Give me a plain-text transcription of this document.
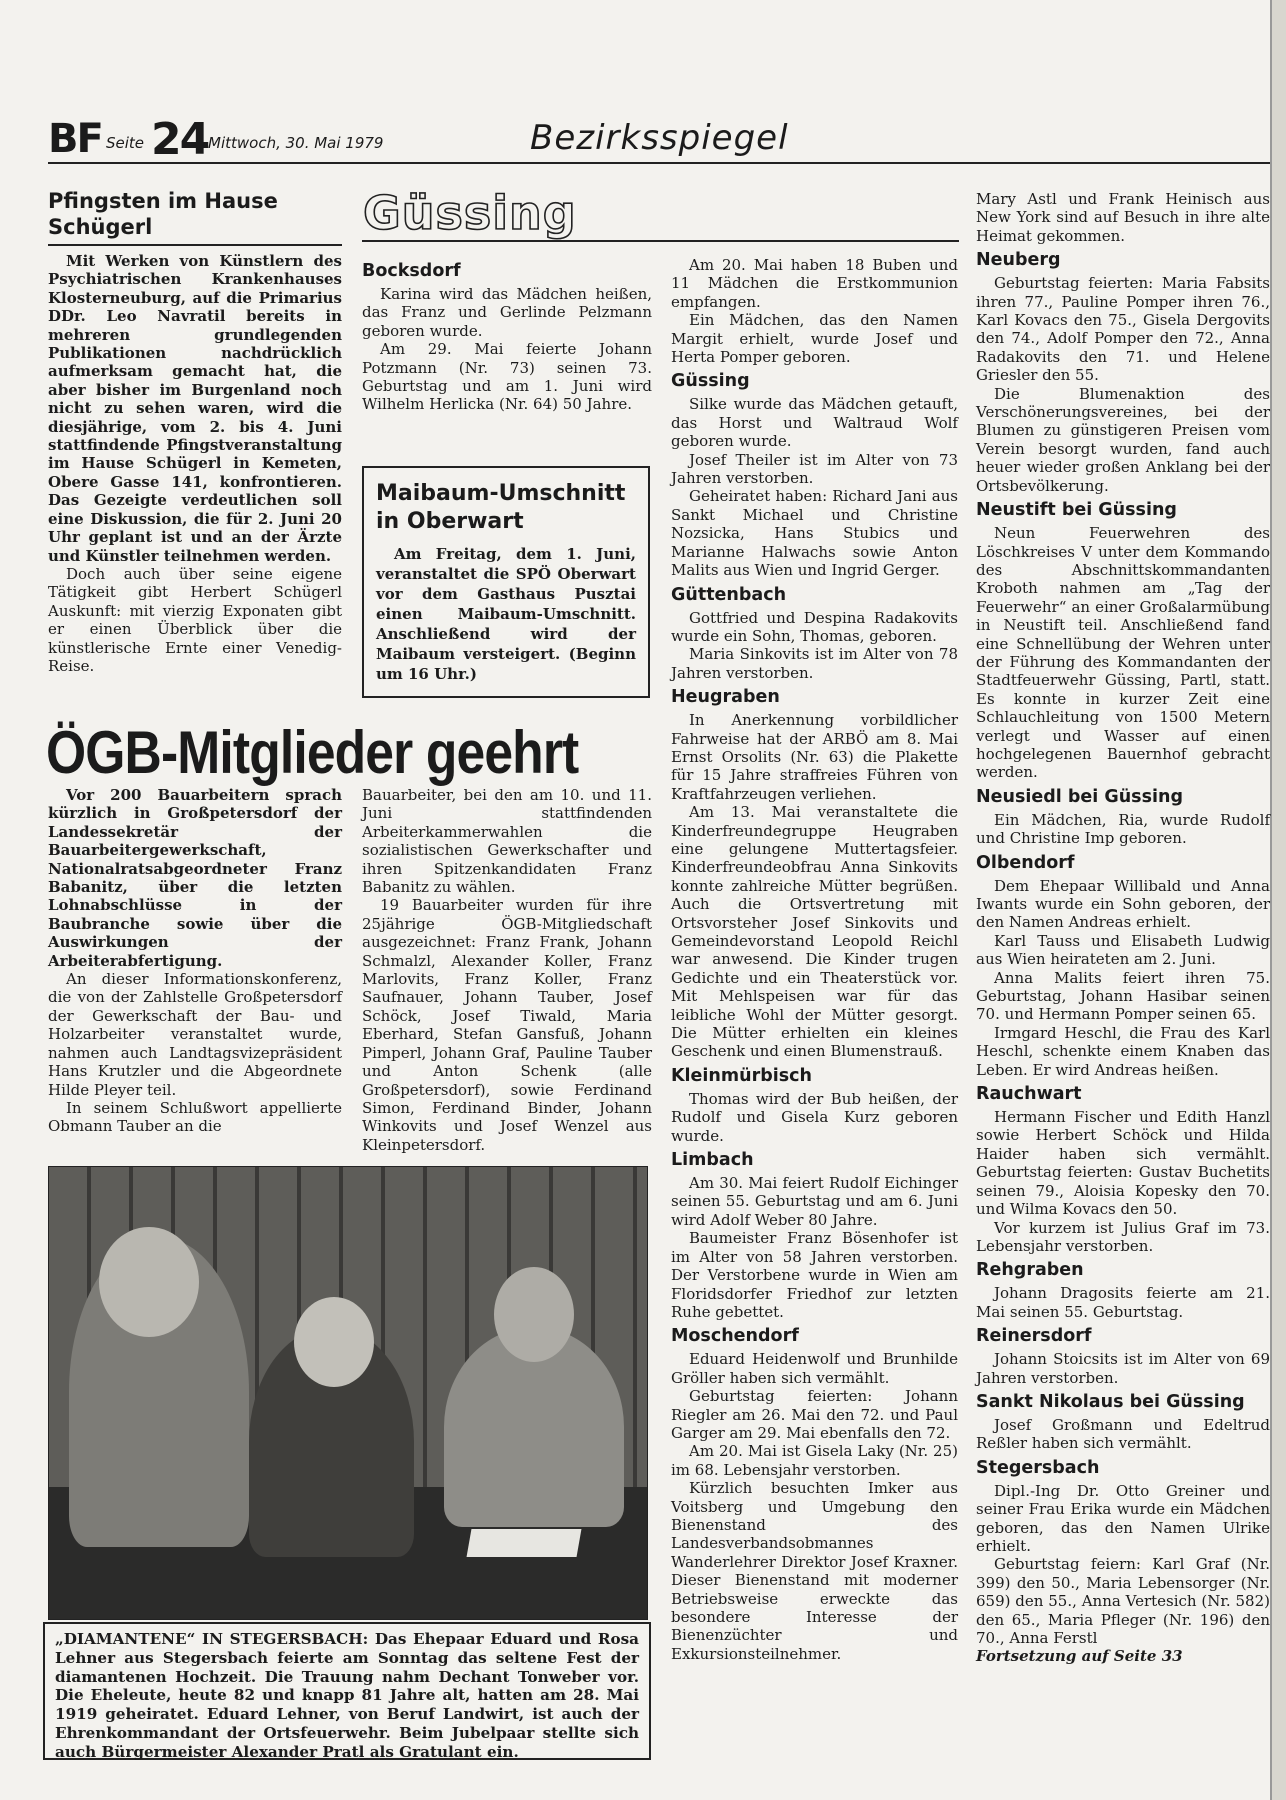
BF Seite 24 Mittwoch, 30. Mai 1979	Bezirksspiegel
Pfingsten im Hause Schügerl

Mit Werken von Künstlern des Psychiatrischen Krankenhauses Klosterneuburg, auf die Primarius DDr. Leo Navratil bereits in mehreren grundlegenden Publikationen nachdrücklich aufmerksam gemacht hat, die aber bisher im Burgenland noch nicht zu sehen waren, wird die diesjährige, vom 2. bis 4. Juni stattfindende Pfingstveranstaltung im Hause Schügerl in Kemeten, Obere Gasse 141, konfrontieren. Das Gezeigte verdeutlichen soll eine Diskussion, die für 2. Juni 20 Uhr geplant ist und an der Ärzte und Künstler teilnehmen werden.

Doch auch über seine eigene Tätigkeit gibt Herbert Schügerl Auskunft: mit vierzig Exponaten gibt er einen Überblick über die künstlerische Ernte einer Venedig-Reise.

Güssing
Bocksdorf

Karina wird das Mädchen heißen, das Franz und Gerlinde Pelzmann geboren wurde.

Am 29. Mai feierte Johann Potzmann (Nr. 73) seinen 73. Geburtstag und am 1. Juni wird Wilhelm Herlicka (Nr. 64) 50 Jahre.

Maibaum-Umschnitt in Oberwart

Am Freitag, dem 1. Juni, veranstaltet die SPÖ Oberwart vor dem Gasthaus Pusztai einen Maibaum-Umschnitt. Anschließend wird der Maibaum versteigert. (Beginn um 16 Uhr.)

ÖGB-Mitglieder geehrt

Vor 200 Bauarbeitern sprach kürzlich in Großpetersdorf der Landessekretär der Bauarbeitergewerkschaft, Nationalratsabgeordneter Franz Babanitz, über die letzten Lohnabschlüsse in der Baubranche sowie über die Auswirkungen der Arbeiterabfertigung.

An dieser Informationskonferenz, die von der Zahlstelle Großpetersdorf der Gewerkschaft der Bau- und Holzarbeiter veranstaltet wurde, nahmen auch Landtagsvizepräsident Hans Krutzler und die Abgeordnete Hilde Pleyer teil.

In seinem Schlußwort appellierte Obmann Tauber an die

Bauarbeiter, bei den am 10. und 11. Juni stattfindenden Arbeiterkammerwahlen die sozialistischen Gewerkschafter und ihren Spitzenkandidaten Franz Babanitz zu wählen.

19 Bauarbeiter wurden für ihre 25jährige ÖGB-Mitgliedschaft ausgezeichnet: Franz Frank, Johann Schmalzl, Alexander Koller, Franz Marlovits, Franz Koller, Franz Saufnauer, Johann Tauber, Josef Schöck, Josef Tiwald, Maria Eberhard, Stefan Gansfuß, Johann Pimperl, Johann Graf, Pauline Tauber und Anton Schenk (alle Großpetersdorf), sowie Ferdinand Simon, Ferdinand Binder, Johann Winkovits und Josef Wenzel aus Kleinpetersdorf.

„DIAMANTENE“ IN STEGERSBACH: Das Ehepaar Eduard und Rosa Lehner aus Stegersbach feierte am Sonntag das seltene Fest der diamantenen Hochzeit. Die Trauung nahm Dechant Tonweber vor. Die Eheleute, heute 82 und knapp 81 Jahre alt, hatten am 28. Mai 1919 geheiratet. Eduard Lehner, von Beruf Landwirt, ist auch der Ehrenkommandant der Ortsfeuerwehr. Beim Jubelpaar stellte sich auch Bürgermeister Alexander Pratl als Gratulant ein.

Am 20. Mai haben 18 Buben und 11 Mädchen die Erstkommunion empfangen.

Ein Mädchen, das den Namen Margit erhielt, wurde Josef und Herta Pomper geboren.

Güssing

Silke wurde das Mädchen getauft, das Horst und Waltraud Wolf geboren wurde.

Josef Theiler ist im Alter von 73 Jahren verstorben.

Geheiratet haben: Richard Jani aus Sankt Michael und Christine Nozsicka, Hans Stubics und Marianne Halwachs sowie Anton Malits aus Wien und Ingrid Gerger.

Güttenbach

Gottfried und Despina Radakovits wurde ein Sohn, Thomas, geboren.

Maria Sinkovits ist im Alter von 78 Jahren verstorben.

Heugraben

In Anerkennung vorbildlicher Fahrweise hat der ARBÖ am 8. Mai Ernst Orsolits (Nr. 63) die Plakette für 15 Jahre straffreies Führen von Kraftfahrzeugen verliehen.

Am 13. Mai veranstaltete die Kinderfreundegruppe Heugraben eine gelungene Muttertagsfeier. Kinderfreundeobfrau Anna Sinkovits konnte zahlreiche Mütter begrüßen. Auch die Ortsvertretung mit Ortsvorsteher Josef Sinkovits und Gemeindevorstand Leopold Reichl war anwesend. Die Kinder trugen Gedichte und ein Theaterstück vor. Mit Mehlspeisen war für das leibliche Wohl der Mütter gesorgt. Die Mütter erhielten ein kleines Geschenk und einen Blumenstrauß.

Kleinmürbisch

Thomas wird der Bub heißen, der Rudolf und Gisela Kurz geboren wurde.

Limbach

Am 30. Mai feiert Rudolf Eichinger seinen 55. Geburtstag und am 6. Juni wird Adolf Weber 80 Jahre.

Baumeister Franz Bösenhofer ist im Alter von 58 Jahren verstorben. Der Verstorbene wurde in Wien am Floridsdorfer Friedhof zur letzten Ruhe gebettet.

Moschendorf

Eduard Heidenwolf und Brunhilde Gröller haben sich vermählt.

Geburtstag feierten: Johann Riegler am 26. Mai den 72. und Paul Garger am 29. Mai ebenfalls den 72.

Am 20. Mai ist Gisela Laky (Nr. 25) im 68. Lebensjahr verstorben.

Kürzlich besuchten Imker aus Voitsberg und Umgebung den Bienenstand des Landesverbandsobmannes Wanderlehrer Direktor Josef Kraxner. Dieser Bienenstand mit moderner Betriebsweise erweckte das besondere Interesse der Bienenzüchter und Exkursionsteilnehmer.

Mary Astl und Frank Heinisch aus New York sind auf Besuch in ihre alte Heimat gekommen.

Neuberg

Geburtstag feierten: Maria Fabsits ihren 77., Pauline Pomper ihren 76., Karl Kovacs den 75., Gisela Dergovits den 74., Adolf Pomper den 72., Anna Radakovits den 71. und Helene Griesler den 55.

Die Blumenaktion des Verschönerungsvereines, bei der Blumen zu günstigeren Preisen vom Verein besorgt wurden, fand auch heuer wieder großen Anklang bei der Ortsbevölkerung.

Neustift bei Güssing

Neun Feuerwehren des Löschkreises V unter dem Kommando des Abschnittskommandanten Kroboth nahmen am „Tag der Feuerwehr“ an einer Großalarmübung in Neustift teil. Anschließend fand eine Schnellübung der Wehren unter der Führung des Kommandanten der Stadtfeuerwehr Güssing, Partl, statt. Es konnte in kurzer Zeit eine Schlauchleitung von 1500 Metern verlegt und Wasser auf einen hochgelegenen Bauernhof gebracht werden.

Neusiedl bei Güssing

Ein Mädchen, Ria, wurde Rudolf und Christine Imp geboren.

Olbendorf

Dem Ehepaar Willibald und Anna Iwants wurde ein Sohn geboren, der den Namen Andreas erhielt.

Karl Tauss und Elisabeth Ludwig aus Wien heirateten am 2. Juni.

Anna Malits feiert ihren 75. Geburtstag, Johann Hasibar seinen 70. und Hermann Pomper seinen 65.

Irmgard Heschl, die Frau des Karl Heschl, schenkte einem Knaben das Leben. Er wird Andreas heißen.

Rauchwart

Hermann Fischer und Edith Hanzl sowie Herbert Schöck und Hilda Haider haben sich vermählt. Geburtstag feierten: Gustav Buchetits seinen 79., Aloisia Kopesky den 70. und Wilma Kovacs den 50.

Vor kurzem ist Julius Graf im 73. Lebensjahr verstorben.

Rehgraben

Johann Dragosits feierte am 21. Mai seinen 55. Geburtstag.

Reinersdorf

Johann Stoicsits ist im Alter von 69 Jahren verstorben.

Sankt Nikolaus bei Güssing

Josef Großmann und Edeltrud Reßler haben sich vermählt.

Stegersbach

Dipl.-Ing Dr. Otto Greiner und seiner Frau Erika wurde ein Mädchen geboren, das den Namen Ulrike erhielt.

Geburtstag feiern: Karl Graf (Nr. 399) den 50., Maria Lebensorger (Nr. 659) den 55., Anna Vertesich (Nr. 582) den 65., Maria Pfleger (Nr. 196) den 70., Anna Ferstl

Fortsetzung auf Seite 33
